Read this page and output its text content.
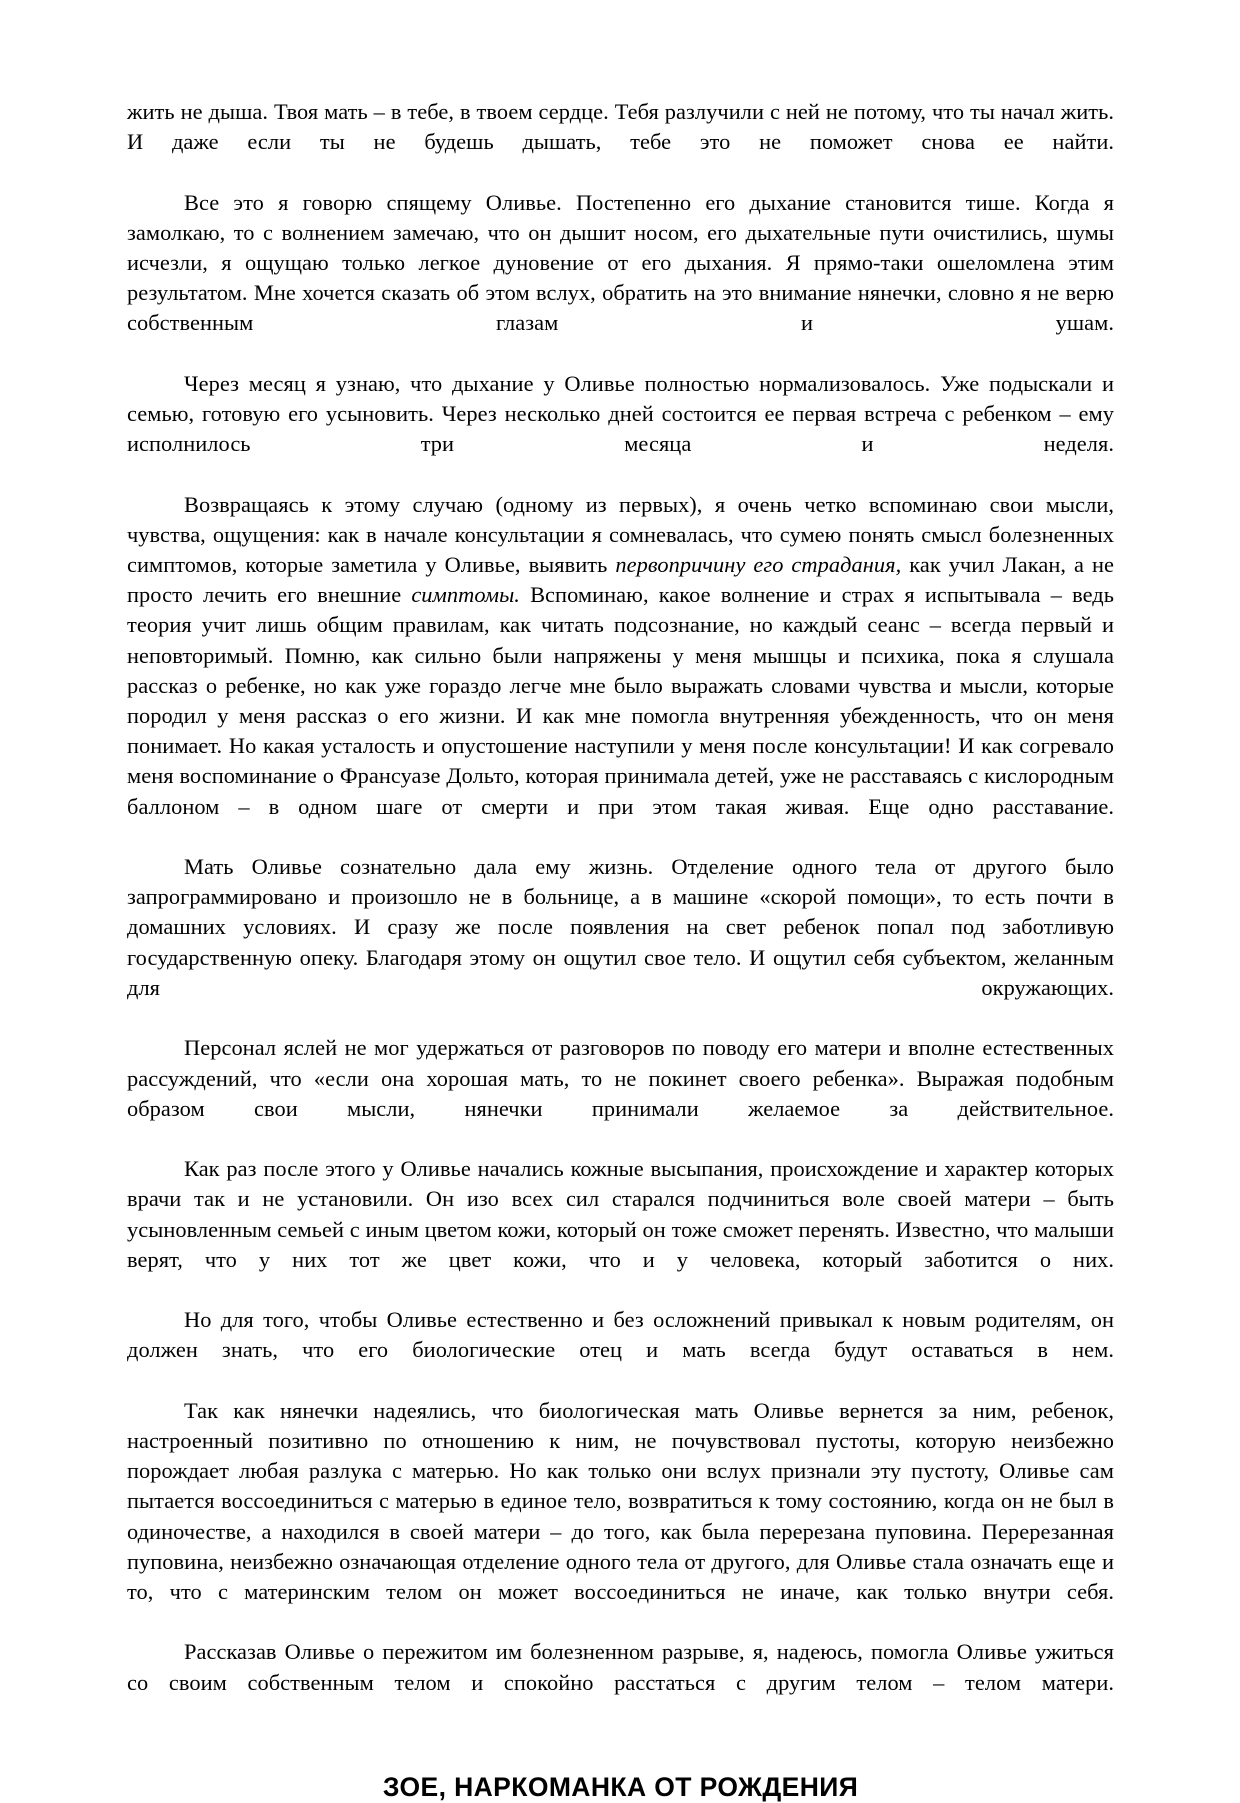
жить не дыша. Твоя мать – в тебе, в твоем сердце. Тебя разлучили с ней не потому, что ты начал жить. И даже если ты не будешь дышать, тебе это не поможет снова ее найти.

Все это я говорю спящему Оливье. Постепенно его дыхание становится тише. Когда я замолкаю, то с волнением замечаю, что он дышит носом, его дыхательные пути очистились, шумы исчезли, я ощущаю только легкое дуновение от его дыхания. Я прямо-таки ошеломлена этим результатом. Мне хочется сказать об этом вслух, обратить на это внимание нянечки, словно я не верю собственным глазам и ушам.

Через месяц я узнаю, что дыхание у Оливье полностью нормализовалось. Уже подыскали и семью, готовую его усыновить. Через несколько дней состоится ее первая встреча с ребенком – ему исполнилось три месяца и неделя.

Возвращаясь к этому случаю (одному из первых), я очень четко вспоминаю свои мысли, чувства, ощущения: как в начале консультации я сомневалась, что сумею понять смысл болезненных симптомов, которые заметила у Оливье, выявить первопричину его страдания, как учил Лакан, а не просто лечить его внешние симптомы. Вспоминаю, какое волнение и страх я испытывала – ведь теория учит лишь общим правилам, как читать подсознание, но каждый сеанс – всегда первый и неповторимый. Помню, как сильно были напряжены у меня мышцы и психика, пока я слушала рассказ о ребенке, но как уже гораздо легче мне было выражать словами чувства и мысли, которые породил у меня рассказ о его жизни. И как мне помогла внутренняя убежденность, что он меня понимает. Но какая усталость и опустошение наступили у меня после консультации! И как согревало меня воспоминание о Франсуазе Дольто, которая принимала детей, уже не расставаясь с кислородным баллоном – в одном шаге от смерти и при этом такая живая. Еще одно расставание.

Мать Оливье сознательно дала ему жизнь. Отделение одного тела от другого было запрограммировано и произошло не в больнице, а в машине «скорой помощи», то есть почти в домашних условиях. И сразу же после появления на свет ребенок попал под заботливую государственную опеку. Благодаря этому он ощутил свое тело. И ощутил себя субъектом, желанным для окружающих.

Персонал яслей не мог удержаться от разговоров по поводу его матери и вполне естественных рассуждений, что «если она хорошая мать, то не покинет своего ребенка». Выражая подобным образом свои мысли, нянечки принимали желаемое за действительное.

Как раз после этого у Оливье начались кожные высыпания, происхождение и характер которых врачи так и не установили. Он изо всех сил старался подчиниться воле своей матери – быть усыновленным семьей с иным цветом кожи, который он тоже сможет перенять. Известно, что малыши верят, что у них тот же цвет кожи, что и у человека, который заботится о них.

Но для того, чтобы Оливье естественно и без осложнений привыкал к новым родителям, он должен знать, что его биологические отец и мать всегда будут оставаться в нем.

Так как нянечки надеялись, что биологическая мать Оливье вернется за ним, ребенок, настроенный позитивно по отношению к ним, не почувствовал пустоты, которую неизбежно порождает любая разлука с матерью. Но как только они вслух признали эту пустоту, Оливье сам пытается воссоединиться с матерью в единое тело, возвратиться к тому состоянию, когда он не был в одиночестве, а находился в своей матери – до того, как была перерезана пуповина. Перерезанная пуповина, неизбежно означающая отделение одного тела от другого, для Оливье стала означать еще и то, что с материнским телом он может воссоединиться не иначе, как только внутри себя.

Рассказав Оливье о пережитом им болезненном разрыве, я, надеюсь, помогла Оливье ужиться со своим собственным телом и спокойно расстаться с другим телом – телом матери.

ЗОЕ, НАРКОМАНКА ОТ РОЖДЕНИЯ
